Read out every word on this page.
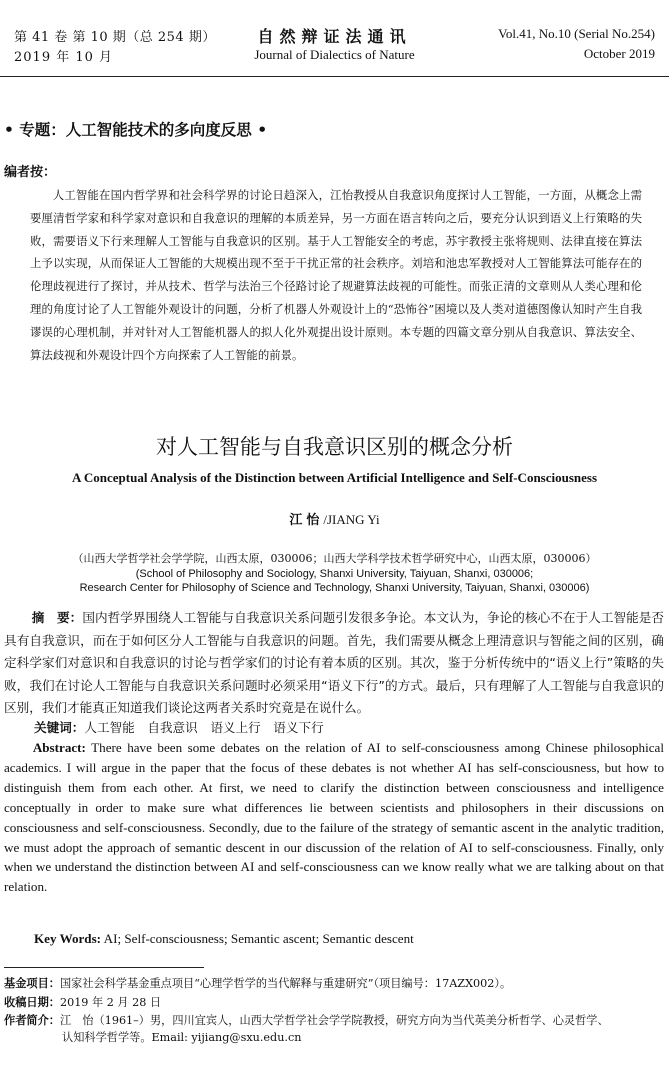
第 41 卷 第 10 期（总 254 期）
2019 年 10 月
自然辩证法通讯
Journal of Dialectics of Nature
Vol.41, No.10 (Serial No.254)
October 2019
• 专题：人工智能技术的多向度反思 •
编者按：
人工智能在国内哲学界和社会科学界的讨论日趋深入，江怡教授从自我意识角度探讨人工智能，一方面，从概念上需要厘清哲学家和科学家对意识和自我意识的理解的本质差异，另一方面在语言转向之后，要充分认识到语义上行策略的失败，需要语义下行来理解人工智能与自我意识的区别。基于人工智能安全的考虑，苏宇教授主张将规则、法律直接在算法上予以实现，从而保证人工智能的大规模出现不至于干扰正常的社会秩序。刘培和池忠军教授对人工智能算法可能存在的伦理歧视进行了探讨，并从技术、哲学与法治三个径路讨论了规避算法歧视的可能性。而张正清的文章则从人类心理和伦理的角度讨论了人工智能外观设计的问题，分析了机器人外观设计上的“恐怖谷”困境以及人类对道德图像认知时产生自我谬误的心理机制，并对针对人工智能机器人的拟人化外观提出设计原则。本专题的四篇文章分别从自我意识、算法安全、算法歧视和外观设计四个方向探索了人工智能的前景。
对人工智能与自我意识区别的概念分析
A Conceptual Analysis of the Distinction between Artificial Intelligence and Self-Consciousness
江怡/JIANG Yi
（山西大学哲学社会学学院，山西太原，030006；山西大学科学技术哲学研究中心，山西太原，030006）
(School of Philosophy and Sociology, Shanxi University, Taiyuan, Shanxi, 030006;
Research Center for Philosophy of Science and Technology, Shanxi University, Taiyuan, Shanxi, 030006)
摘　要：国内哲学界围绕人工智能与自我意识关系问题引发很多争论。本文认为，争论的核心不在于人工智能是否具有自我意识，而在于如何区分人工智能与自我意识的问题。首先，我们需要从概念上理清意识与智能之间的区别，确定科学家们对意识和自我意识的讨论与哲学家们的讨论有着本质的区别。其次，鉴于分析传统中的“语义上行”策略的失败，我们在讨论人工智能与自我意识关系问题时必须采用“语义下行”的方式。最后，只有理解了人工智能与自我意识的区别，我们才能真正知道我们谈论这两者关系时究竟是在说什么。
关键词：人工智能　自我意识　语义上行　语义下行
Abstract: There have been some debates on the relation of AI to self-consciousness among Chinese philosophical academics. I will argue in the paper that the focus of these debates is not whether AI has self-consciousness, but how to distinguish them from each other. At first, we need to clarify the distinction between consciousness and intelligence conceptually in order to make sure what differences lie between scientists and philosophers in their discussions on consciousness and self-consciousness. Secondly, due to the failure of the strategy of semantic ascent in the analytic tradition, we must adopt the approach of semantic descent in our discussion of the relation of AI to self-consciousness. Finally, only when we understand the distinction between AI and self-consciousness can we know really what we are talking about on that relation.
Key Words: AI; Self-consciousness; Semantic ascent; Semantic descent
基金项目：国家社会科学基金重点项目“心理学哲学的当代解释与重建研究”（项目编号：17AZX002）。
收稿日期：2019 年 2 月 28 日
作者简介：江　怡（1961–）男，四川宜宾人，山西大学哲学社会学学院教授，研究方向为当代英美分析哲学、心灵哲学、
认知科学哲学等。Email: yijiang@sxu.edu.cn
